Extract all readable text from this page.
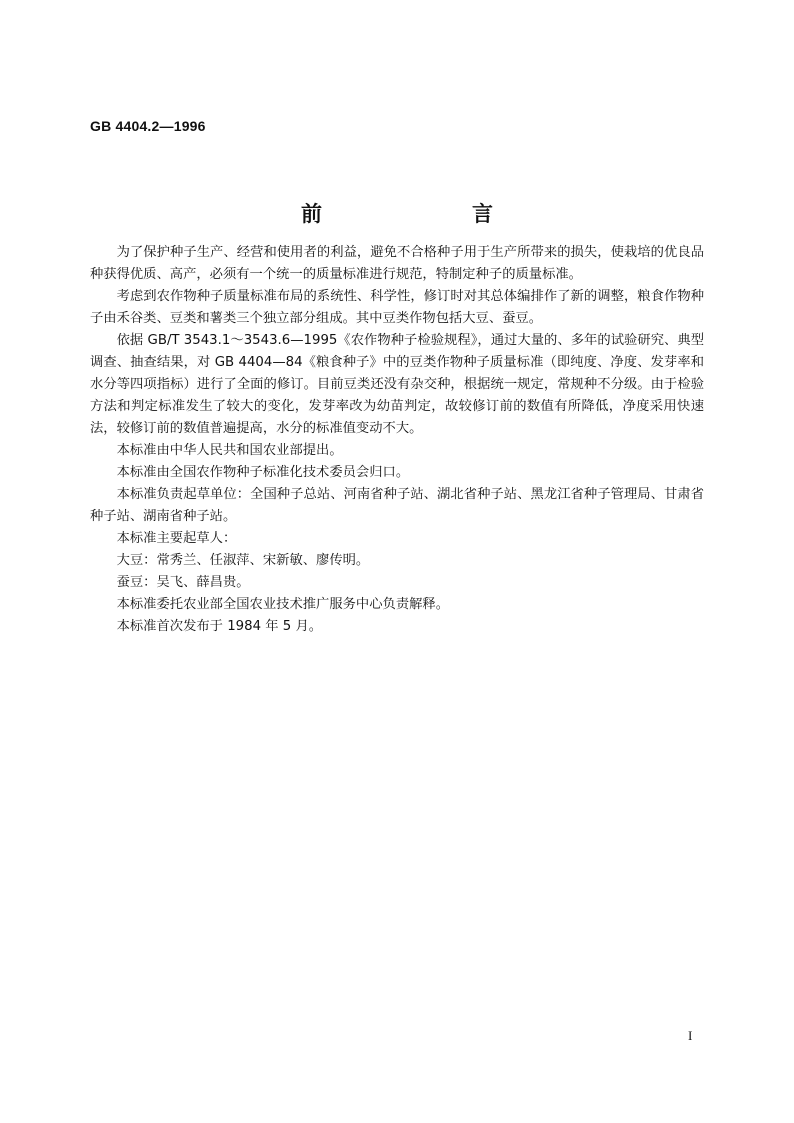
GB 4404.2—1996
前　　言

为了保护种子生产、经营和使用者的利益，避免不合格种子用于生产所带来的损失，使栽培的优良品种获得优质、高产，必须有一个统一的质量标准进行规范，特制定种子的质量标准。

考虑到农作物种子质量标准布局的系统性、科学性，修订时对其总体编排作了新的调整，粮食作物种子由禾谷类、豆类和薯类三个独立部分组成。其中豆类作物包括大豆、蚕豆。

依据 GB/T 3543.1～3543.6—1995《农作物种子检验规程》，通过大量的、多年的试验研究、典型调查、抽查结果，对 GB 4404—84《粮食种子》中的豆类作物种子质量标准（即纯度、净度、发芽率和水分等四项指标）进行了全面的修订。目前豆类还没有杂交种，根据统一规定，常规种不分级。由于检验方法和判定标准发生了较大的变化，发芽率改为幼苗判定，故较修订前的数值有所降低，净度采用快速法，较修订前的数值普遍提高，水分的标准值变动不大。

本标准由中华人民共和国农业部提出。

本标准由全国农作物种子标准化技术委员会归口。

本标准负责起草单位：全国种子总站、河南省种子站、湖北省种子站、黑龙江省种子管理局、甘肃省种子站、湖南省种子站。

本标准主要起草人：

大豆：常秀兰、任淑萍、宋新敏、廖传明。

蚕豆：吴飞、薛昌贵。

本标准委托农业部全国农业技术推广服务中心负责解释。

本标准首次发布于 1984 年 5 月。

I
